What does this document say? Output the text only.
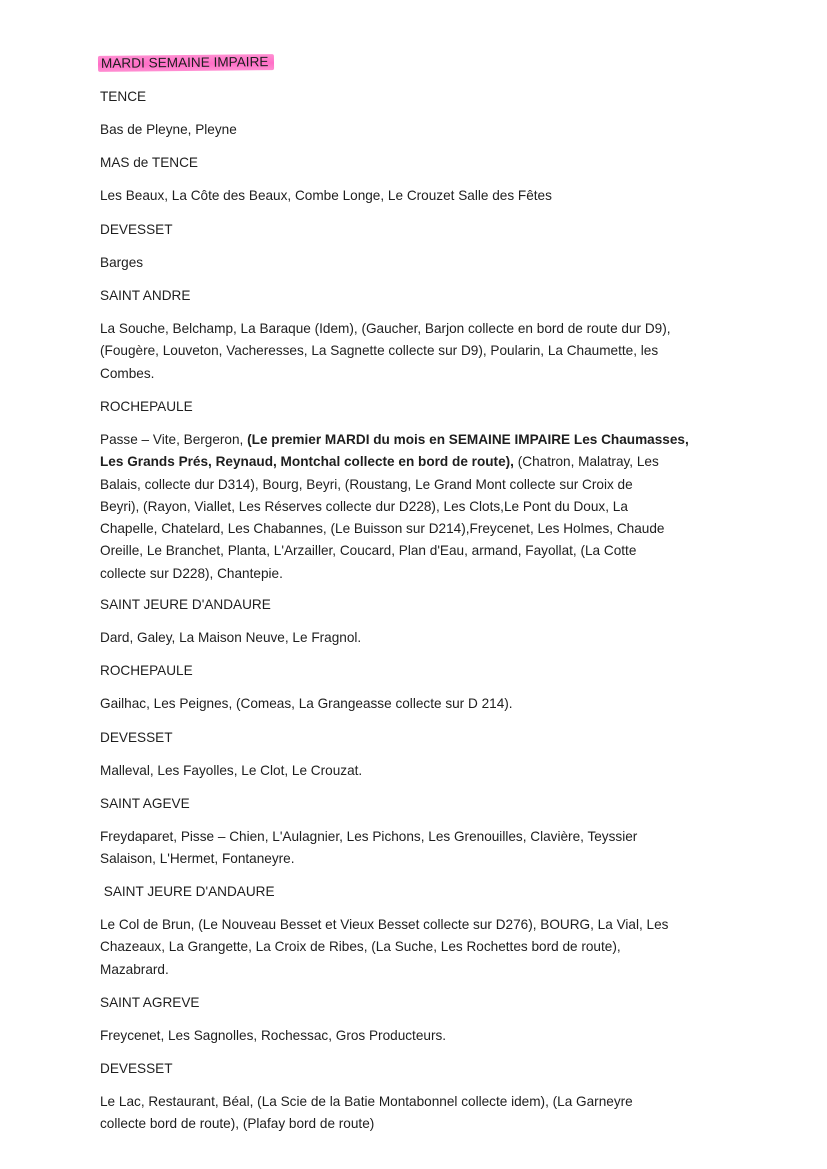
MARDI SEMAINE IMPAIRE
TENCE
Bas de Pleyne, Pleyne
MAS de TENCE
Les Beaux, La Côte des Beaux, Combe Longe, Le Crouzet Salle des Fêtes
DEVESSET
Barges
SAINT ANDRE
La Souche, Belchamp, La Baraque (Idem), (Gaucher, Barjon collecte en bord de route dur D9),
(Fougère, Louveton, Vacheresses, La Sagnette collecte sur D9), Poularin, La Chaumette, les
Combes.
ROCHEPAULE
Passe – Vite, Bergeron, (Le premier MARDI du mois en SEMAINE IMPAIRE Les Chaumasses,
Les Grands Prés, Reynaud, Montchal collecte en bord de route), (Chatron, Malatray, Les
Balais, collecte dur D314), Bourg, Beyri, (Roustang, Le Grand Mont collecte sur Croix de
Beyri), (Rayon, Viallet, Les Réserves collecte dur D228), Les Clots,Le Pont du Doux, La
Chapelle, Chatelard, Les Chabannes, (Le Buisson sur D214),Freycenet, Les Holmes, Chaude
Oreille, Le Branchet, Planta, L'Arzailler, Coucard, Plan d'Eau, armand, Fayollat, (La Cotte
collecte sur D228), Chantepie.
SAINT JEURE D'ANDAURE
Dard, Galey, La Maison Neuve, Le Fragnol.
ROCHEPAULE
Gailhac, Les Peignes, (Comeas, La Grangeasse collecte sur D 214).
DEVESSET
Malleval, Les Fayolles, Le Clot, Le Crouzat.
SAINT AGEVE
Freydaparet, Pisse – Chien, L'Aulagnier, Les Pichons, Les Grenouilles, Clavière, Teyssier
Salaison, L'Hermet, Fontaneyre.
SAINT JEURE D'ANDAURE
Le Col de Brun, (Le Nouveau Besset et Vieux Besset collecte sur D276), BOURG, La Vial, Les
Chazeaux, La Grangette, La Croix de Ribes, (La Suche, Les Rochettes bord de route),
Mazabrard.
SAINT AGREVE
Freycenet, Les Sagnolles, Rochessac, Gros Producteurs.
DEVESSET
Le Lac, Restaurant, Béal, (La Scie de la Batie Montabonnel collecte idem), (La Garneyre
collecte bord de route), (Plafay bord de route)
